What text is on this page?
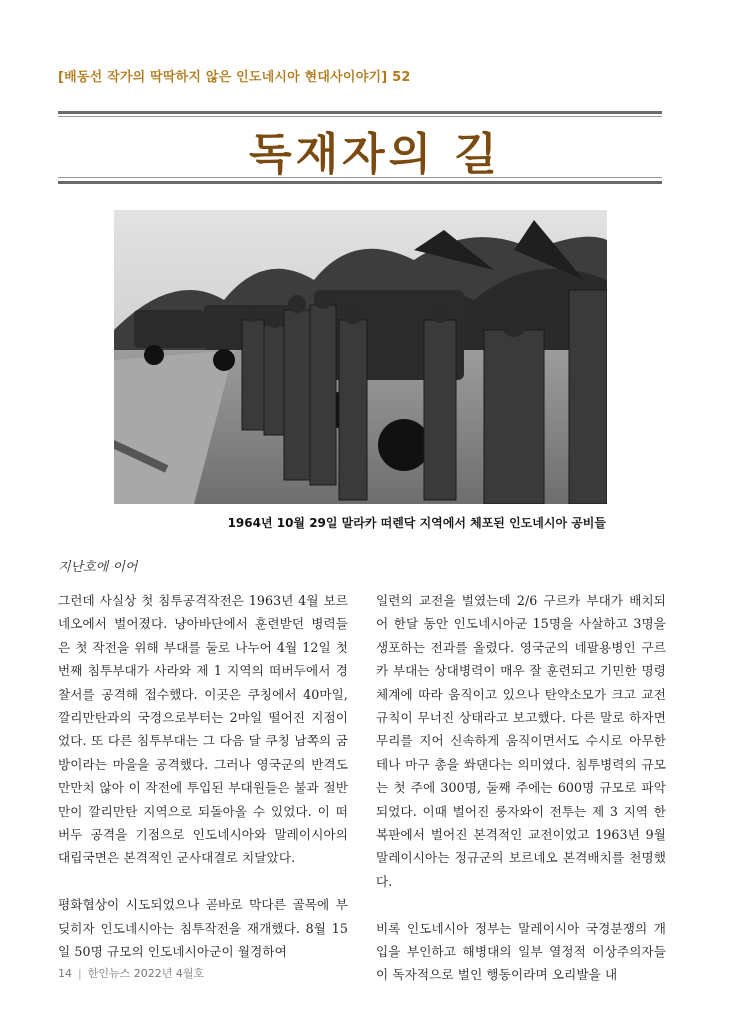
[배동선 작가의 딱딱하지 않은 인도네시아 현대사이야기] 52
독재자의 길
1964년 10월 29일 말라카 떠렌닥 지역에서 체포된 인도네시아 공비들
지난호에 이어

그런데 사실상 첫 침투공격작전은 1963년 4월 보르네오에서 벌어졌다. 냥아바단에서 훈련받던 병력들은 첫 작전을 위해 부대를 둘로 나누어 4월 12일 첫 번째 침투부대가 사라와 제 1 지역의 떠버두에서 경찰서를 공격해 접수했다. 이곳은 쿠칭에서 40마일, 깔리만탄과의 국경으로부터는 2마일 떨어진 지점이었다. 또 다른 침투부대는 그 다음 달 쿠칭 남쪽의 굼방이라는 마을을 공격했다. 그러나 영국군의 반격도 만만치 않아 이 작전에 투입된 부대원들은 불과 절반만이 깔리만탄 지역으로 되돌아올 수 있었다. 이 떠버두 공격을 기점으로 인도네시아와 말레이시아의 대립국면은 본격적인 군사대결로 치달았다.

평화협상이 시도되었으나 곧바로 막다른 골목에 부딪히자 인도네시아는 침투작전을 재개했다. 8월 15일 50명 규모의 인도네시아군이 월경하여

일련의 교전을 벌였는데 2/6 구르카 부대가 배치되어 한달 동안 인도네시아군 15명을 사살하고 3명을 생포하는 전과를 올렸다. 영국군의 네팔용병인 구르카 부대는 상대병력이 매우 잘 훈련되고 기민한 명령체계에 따라 움직이고 있으나 탄약소모가 크고 교전규칙이 무너진 상태라고 보고했다. 다른 말로 하자면 무리를 지어 신속하게 움직이면서도 수시로 아무한테나 마구 총을 쏴댄다는 의미였다. 침투병력의 규모는 첫 주에 300명, 둘째 주에는 600명 규모로 파악되었다. 이때 벌어진 룽자와이 전투는 제 3 지역 한복판에서 벌어진 본격적인 교전이었고 1963년 9월 말레이시아는 정규군의 보르네오 본격배치를 천명했다.

비록 인도네시아 정부는 말레이시아 국경분쟁의 개입을 부인하고 해병대의 일부 열정적 이상주의자들이 독자적으로 벌인 행동이라며 오리발을 내

14 | 한인뉴스 2022년 4월호
